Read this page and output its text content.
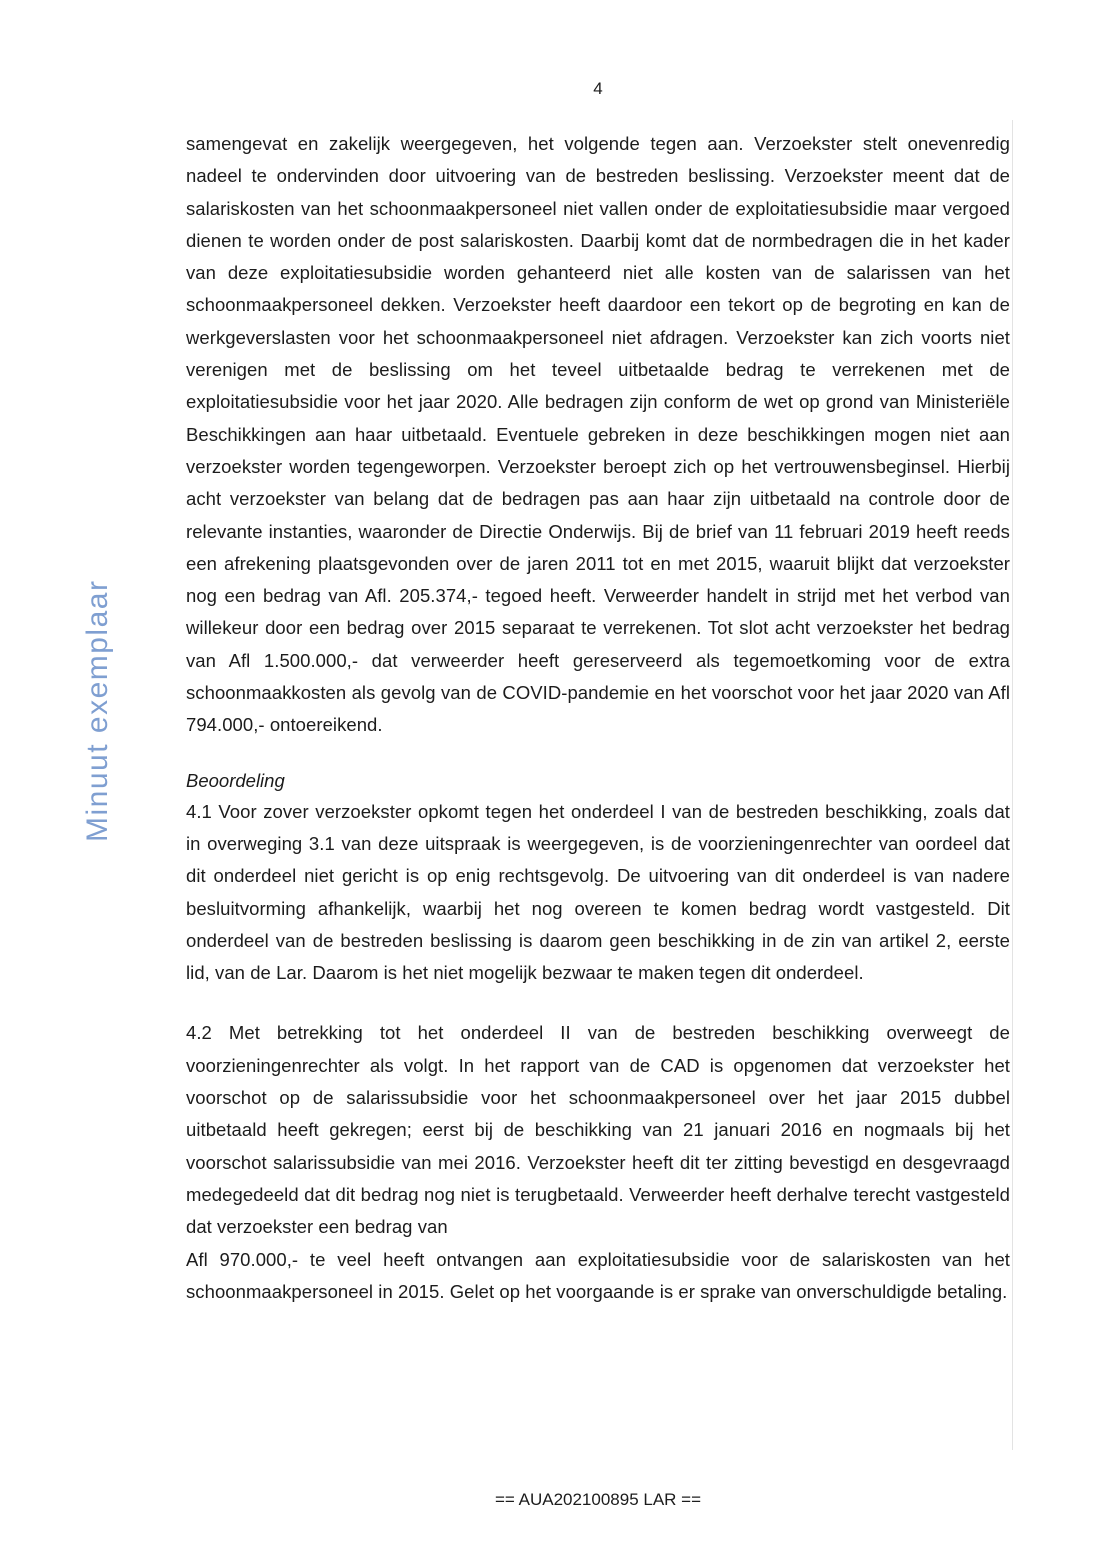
4
Minuut exemplaar

samengevat en zakelijk weergegeven, het volgende tegen aan. Verzoekster stelt onevenredig nadeel te ondervinden door uitvoering van de bestreden beslissing. Verzoekster meent dat de salariskosten van het schoonmaakpersoneel niet vallen onder de exploitatiesubsidie maar vergoed dienen te worden onder de post salariskosten. Daarbij komt dat de normbedragen die in het kader van deze exploitatiesubsidie worden gehanteerd niet alle kosten van de salarissen van het schoonmaakpersoneel dekken. Verzoekster heeft daardoor een tekort op de begroting en kan de werkgeverslasten voor het schoonmaakpersoneel niet afdragen. Verzoekster kan zich voorts niet verenigen met de beslissing om het teveel uitbetaalde bedrag te verrekenen met de exploitatiesubsidie voor het jaar 2020. Alle bedragen zijn conform de wet op grond van Ministeriële Beschikkingen aan haar uitbetaald. Eventuele gebreken in deze beschikkingen mogen niet aan verzoekster worden tegengeworpen. Verzoekster beroept zich op het vertrouwensbeginsel. Hierbij acht verzoekster van belang dat de bedragen pas aan haar zijn uitbetaald na controle door de relevante instanties, waaronder de Directie Onderwijs. Bij de brief van 11 februari 2019 heeft reeds een afrekening plaatsgevonden over de jaren 2011 tot en met 2015, waaruit blijkt dat verzoekster nog een bedrag van Afl. 205.374,- tegoed heeft. Verweerder handelt in strijd met het verbod van willekeur door een bedrag over 2015 separaat te verrekenen. Tot slot acht verzoekster het bedrag van Afl 1.500.000,- dat verweerder heeft gereserveerd als tegemoetkoming voor de extra schoonmaakkosten als gevolg van de COVID-pandemie en het voorschot voor het jaar 2020 van Afl 794.000,- ontoereikend.

Beoordeling

4.1 Voor zover verzoekster opkomt tegen het onderdeel I van de bestreden beschikking, zoals dat in overweging 3.1 van deze uitspraak is weergegeven, is de voorzieningenrechter van oordeel dat dit onderdeel niet gericht is op enig rechtsgevolg. De uitvoering van dit onderdeel is van nadere besluitvorming afhankelijk, waarbij het nog overeen te komen bedrag wordt vastgesteld. Dit onderdeel van de bestreden beslissing is daarom geen beschikking in de zin van artikel 2, eerste lid, van de Lar. Daarom is het niet mogelijk bezwaar te maken tegen dit onderdeel.

4.2 Met betrekking tot het onderdeel II van de bestreden beschikking overweegt de voorzieningenrechter als volgt. In het rapport van de CAD is opgenomen dat verzoekster het voorschot op de salarissubsidie voor het schoonmaakpersoneel over het jaar 2015 dubbel uitbetaald heeft gekregen; eerst bij de beschikking van 21 januari 2016 en nogmaals bij het voorschot salarissubsidie van mei 2016. Verzoekster heeft dit ter zitting bevestigd en desgevraagd medegedeeld dat dit bedrag nog niet is terugbetaald. Verweerder heeft derhalve terecht vastgesteld dat verzoekster een bedrag van

Afl 970.000,- te veel heeft ontvangen aan exploitatiesubsidie voor de salariskosten van het schoonmaakpersoneel in 2015. Gelet op het voorgaande is er sprake van onverschuldigde betaling.

== AUA202100895 LAR ==
